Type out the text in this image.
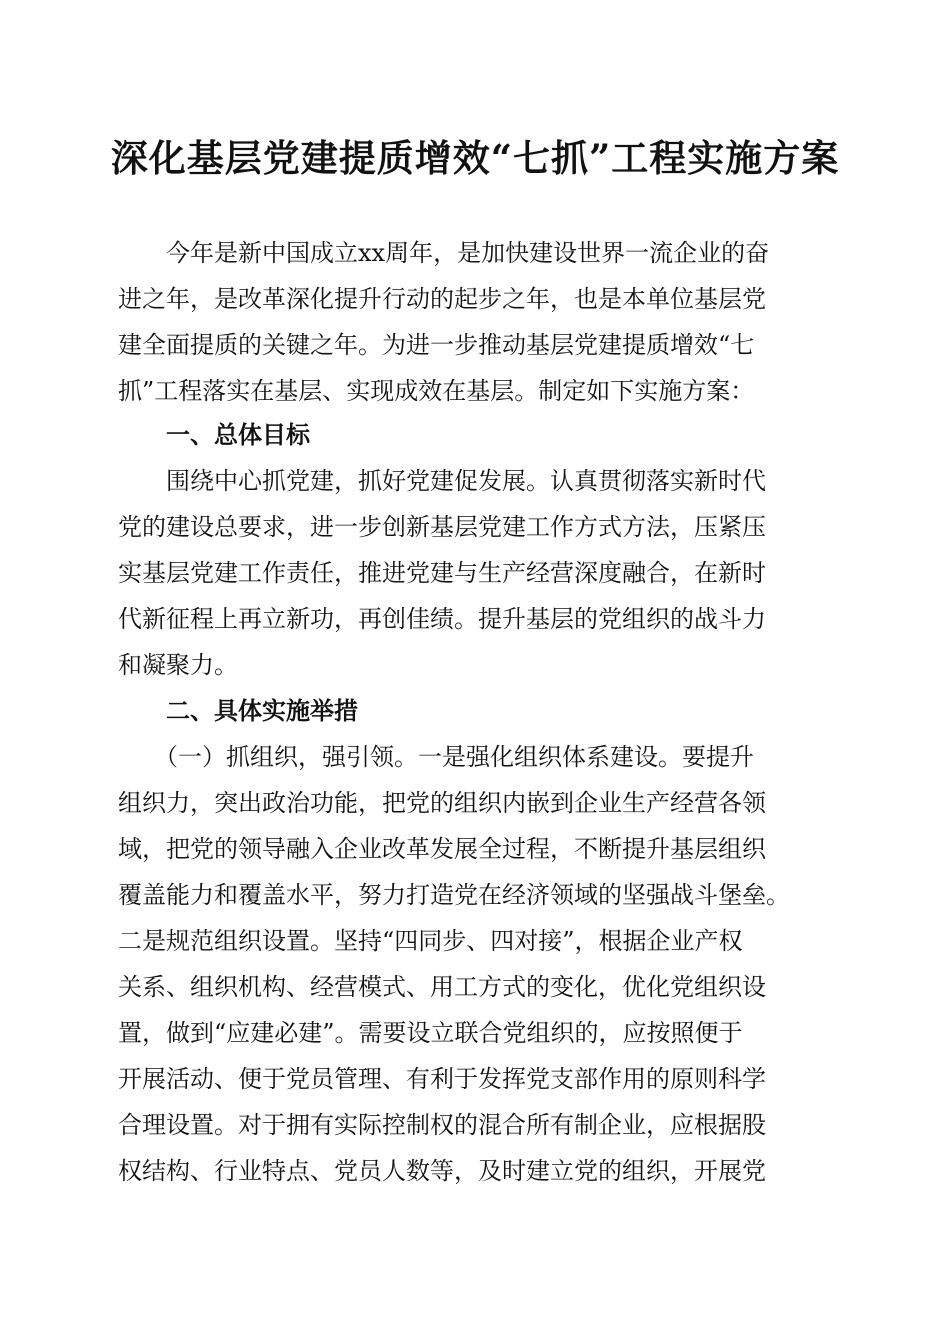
深化基层党建提质增效“七抓”工程实施方案

　　今年是新中国成立xx周年，是加快建设世界一流企业的奋

进之年，是改革深化提升行动的起步之年，也是本单位基层党

建全面提质的关键之年。为进一步推动基层党建提质增效“七

抓”工程落实在基层、实现成效在基层。制定如下实施方案：

　　一、总体目标

　　围绕中心抓党建，抓好党建促发展。认真贯彻落实新时代

党的建设总要求，进一步创新基层党建工作方式方法，压紧压

实基层党建工作责任，推进党建与生产经营深度融合，在新时

代新征程上再立新功，再创佳绩。提升基层的党组织的战斗力

和凝聚力。

　　二、具体实施举措

　　（一）抓组织，强引领。一是强化组织体系建设。要提升

组织力，突出政治功能，把党的组织内嵌到企业生产经营各领

域，把党的领导融入企业改革发展全过程，不断提升基层组织

覆盖能力和覆盖水平，努力打造党在经济领域的坚强战斗堡垒。

二是规范组织设置。坚持“四同步、四对接”，根据企业产权

关系、组织机构、经营模式、用工方式的变化，优化党组织设

置，做到“应建必建”。需要设立联合党组织的，应按照便于

开展活动、便于党员管理、有利于发挥党支部作用的原则科学

合理设置。对于拥有实际控制权的混合所有制企业，应根据股

权结构、行业特点、党员人数等，及时建立党的组织，开展党
